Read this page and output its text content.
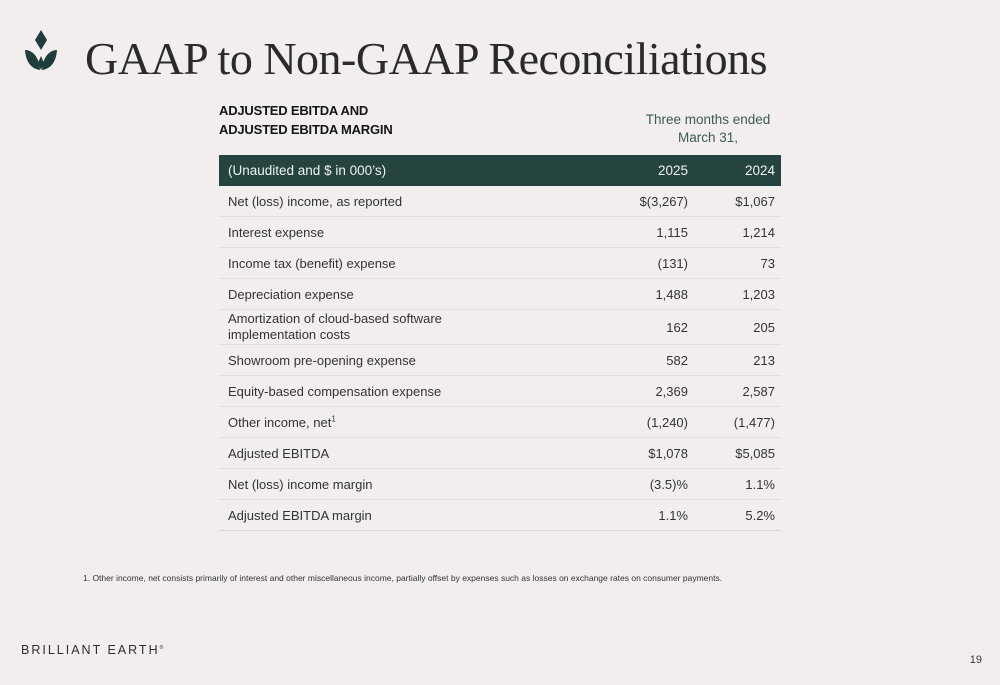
GAAP to Non-GAAP Reconciliations
ADJUSTED EBITDA AND
ADJUSTED EBITDA MARGIN
Three months ended
March 31,
(Unaudited and $ in 000’s)	2025	2024
Net (loss) income, as reported	$(3,267)	$1,067
Interest expense	1,115	1,214
Income tax (benefit) expense	(131)	73
Depreciation expense	1,488	1,203
Amortization of cloud-based software implementation costs	162	205
Showroom pre-opening expense	582	213
Equity-based compensation expense	2,369	2,587
Other income, net$^1$	(1,240)	(1,477)
Adjusted EBITDA	$1,078	$5,085
Net (loss) income margin	(3.5)%	1.1%
Adjusted EBITDA margin	1.1%	5.2%
1. Other income, net consists primarily of interest and other miscellaneous income, partially offset by expenses such as losses on exchange rates on consumer payments.
BRILLIANT EARTH®
19
